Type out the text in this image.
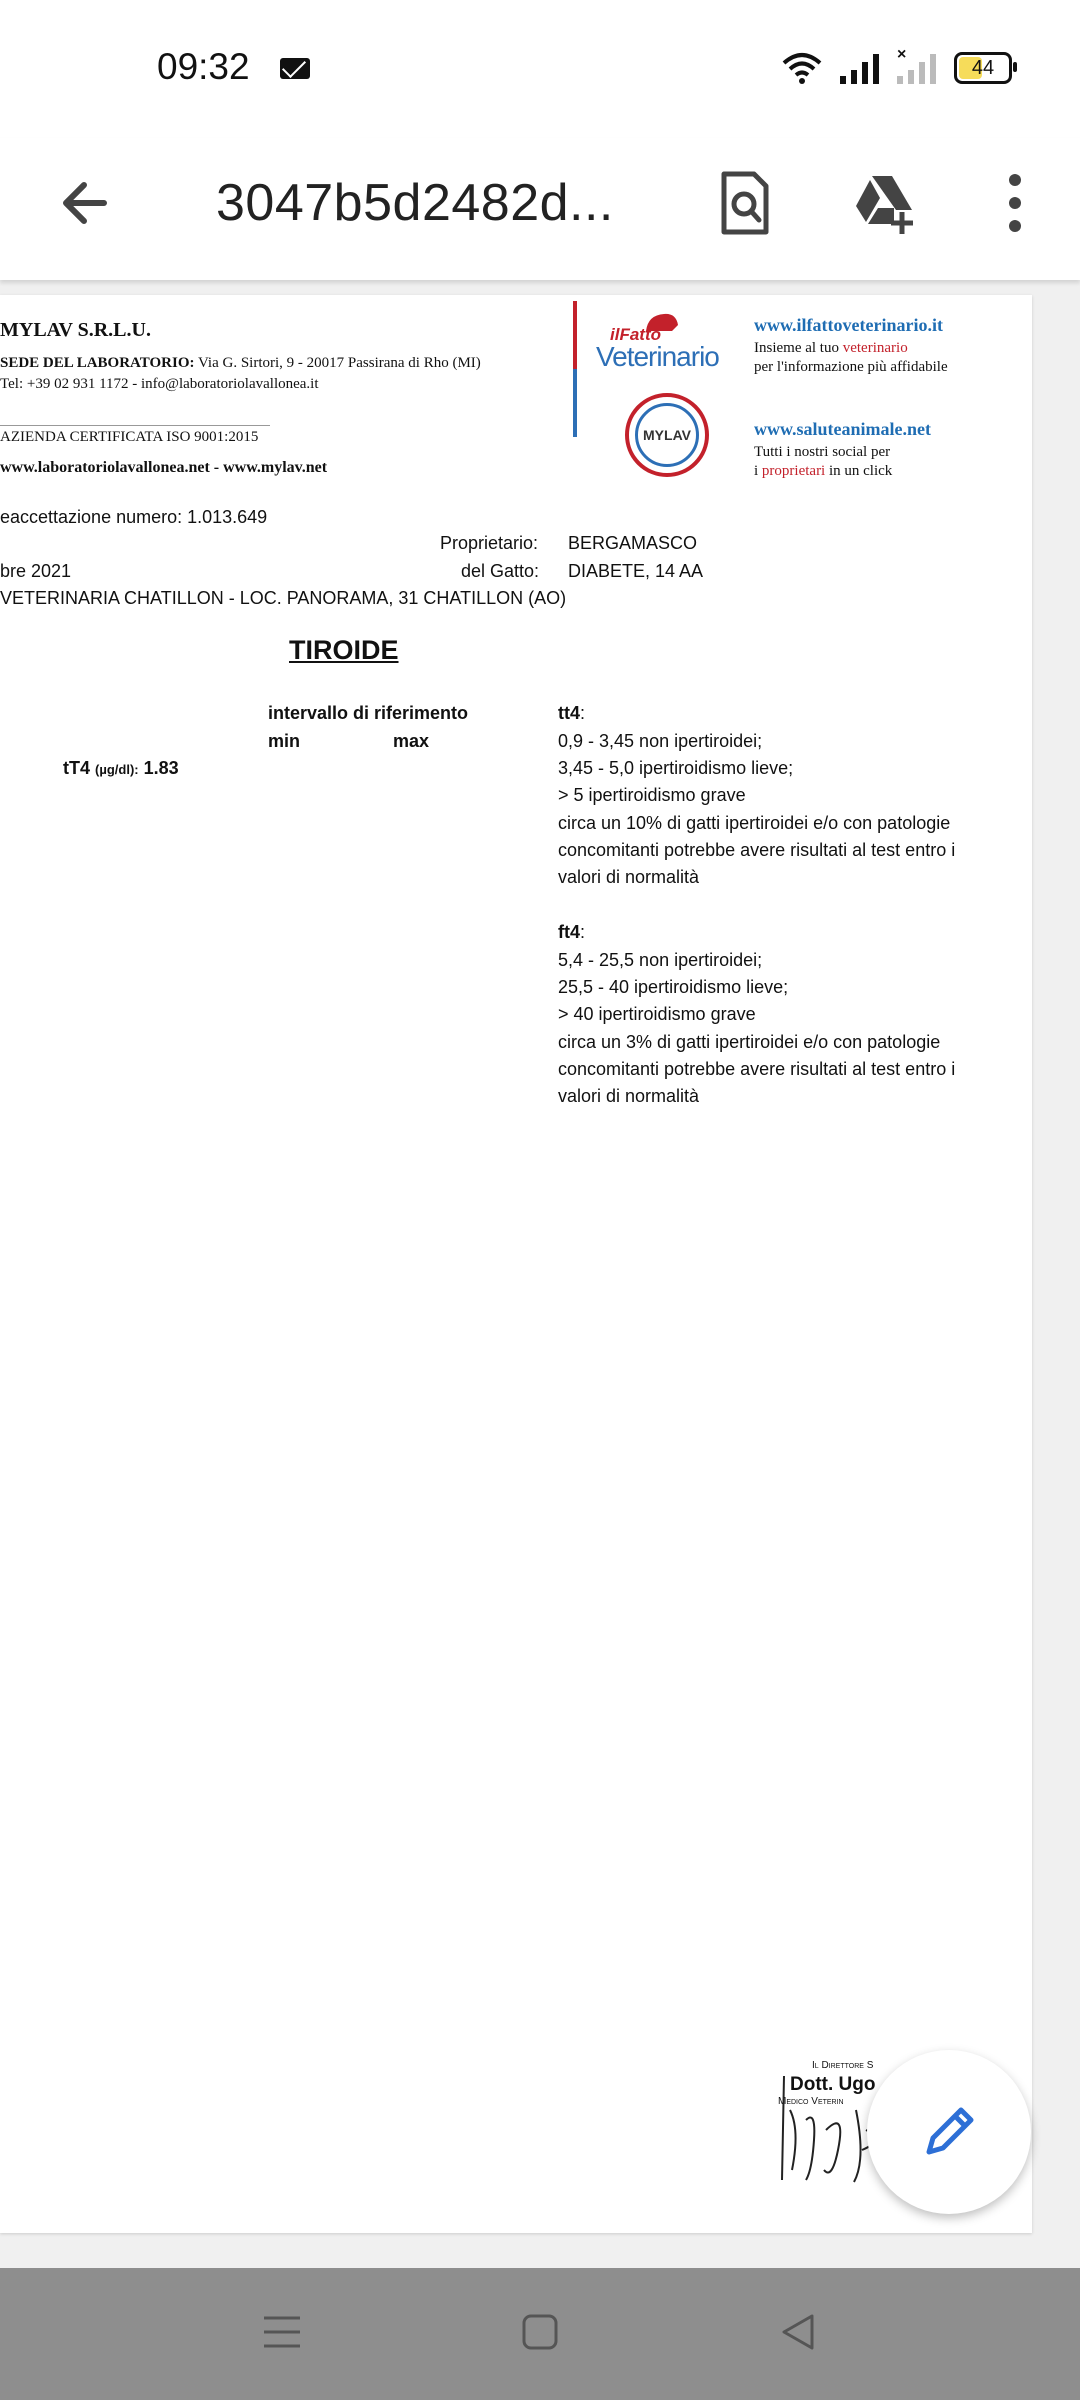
09:32	×
44
3047b5d2482d...
MYLAV S.R.L.U.
SEDE DEL LABORATORIO: Via G. Sirtori, 9 - 20017 Passirana di Rho (MI)
Tel: +39 02 931 1172 - info@laboratoriolavallonea.it
AZIENDA CERTIFICATA ISO 9001:2015
www.laboratoriolavallonea.net - www.mylav.net
ilFatto
Veterinario
MYLAV
www.ilfattoveterinario.it
Insieme al tuo veterinario
per l'informazione più affidabile
www.saluteanimale.net
Tutti i nostri social per
i proprietari in un click
eaccettazione numero: 1.013.649
Proprietario: BERGAMASCO
bre 2021	del Gatto: DIABETE, 14 AA
VETERINARIA CHATILLON - LOC. PANORAMA, 31 CHATILLON (AO)
TIROIDE
intervallo di riferimento
min	max
tT4 (µg/dl): 1.83
tt4:
0,9 - 3,45 non ipertiroidei;
3,45 - 5,0 ipertiroidismo lieve;
> 5 ipertiroidismo grave
circa un 10% di gatti ipertiroidei e/o con patologie
concomitanti potrebbe avere risultati al test entro i
valori di normalità
ft4:
5,4 - 25,5 non ipertiroidei;
25,5 - 40 ipertiroidismo lieve;
> 40 ipertiroidismo grave
circa un 3% di gatti ipertiroidei e/o con patologie
concomitanti potrebbe avere risultati al test entro i
valori di normalità
Il Direttore S
Dott. Ugo
Medico Veterin
